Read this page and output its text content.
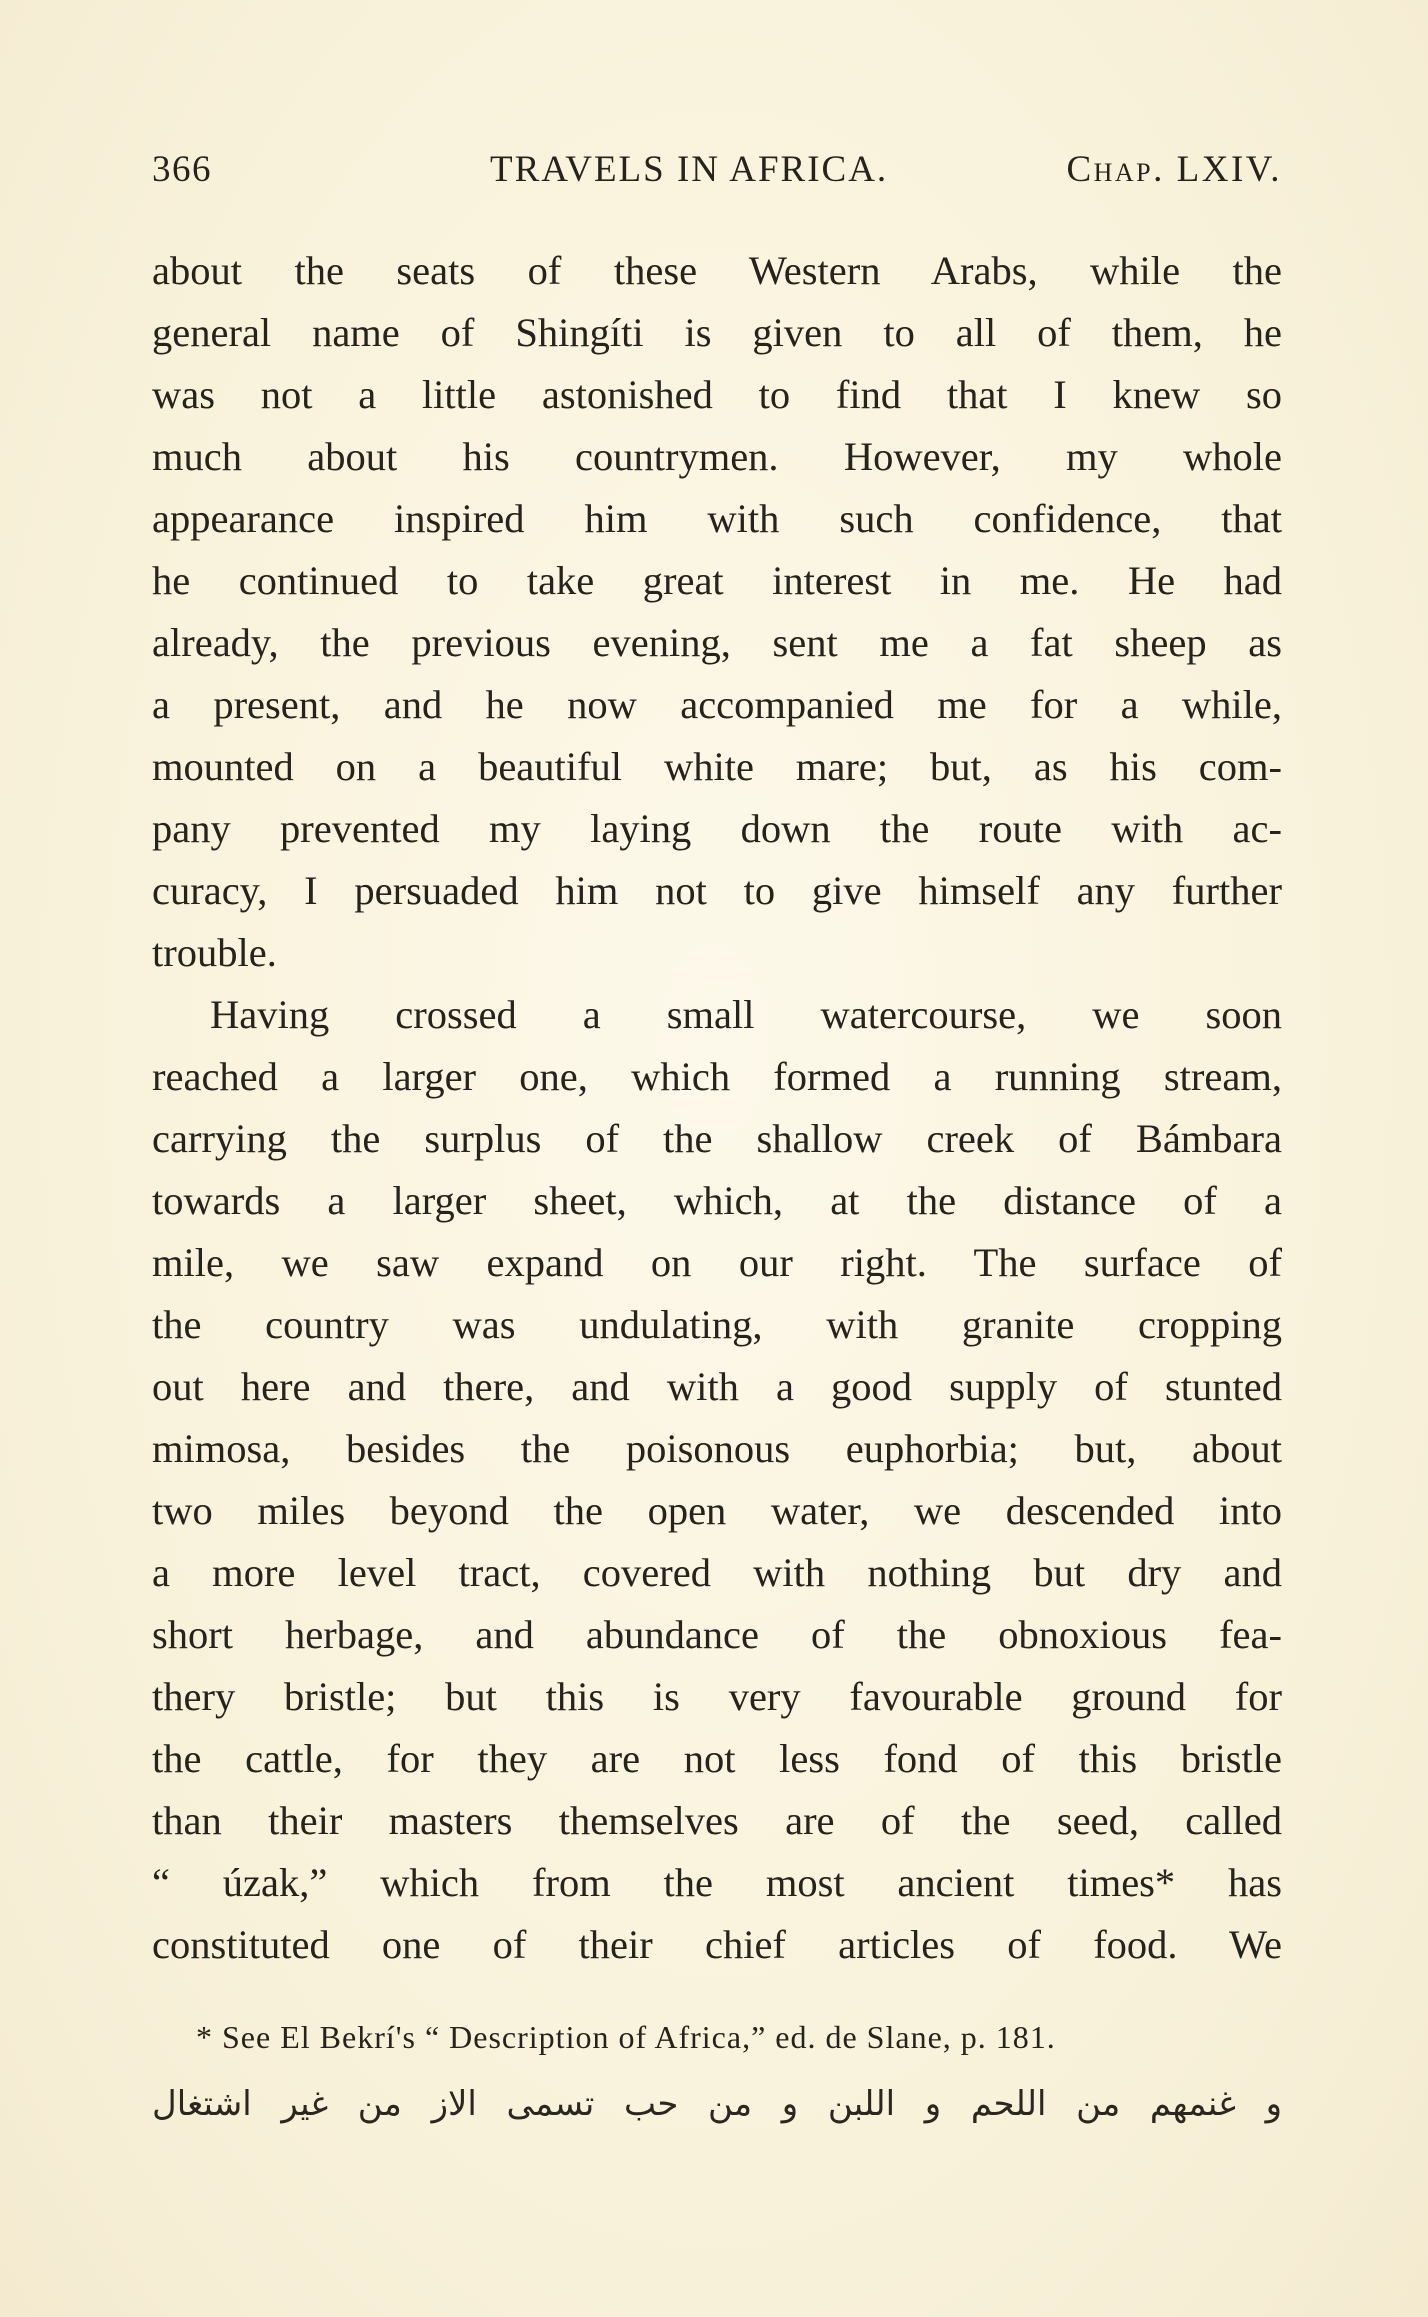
366	TRAVELS IN AFRICA.	Chap. LXIV.
about the seats of these Western Arabs, while the
general name of Shingíti is given to all of them, he
was not a little astonished to find that I knew so
much about his countrymen. However, my whole
appearance inspired him with such confidence, that
he continued to take great interest in me. He had
already, the previous evening, sent me a fat sheep as
a present, and he now accompanied me for a while,
mounted on a beautiful white mare; but, as his com-
pany prevented my laying down the route with ac-
curacy, I persuaded him not to give himself any further
trouble.
Having crossed a small watercourse, we soon
reached a larger one, which formed a running stream,
carrying the surplus of the shallow creek of Bámbara
towards a larger sheet, which, at the distance of a
mile, we saw expand on our right. The surface of
the country was undulating, with granite cropping
out here and there, and with a good supply of stunted
mimosa, besides the poisonous euphorbia; but, about
two miles beyond the open water, we descended into
a more level tract, covered with nothing but dry and
short herbage, and abundance of the obnoxious fea-
thery bristle; but this is very favourable ground for
the cattle, for they are not less fond of this bristle
than their masters themselves are of the seed, called
“ úzak,” which from the most ancient times* has
constituted one of their chief articles of food. We
* See El Bekrí's “ Description of Africa,” ed. de Slane, p. 181.
و غنمهم من اللحم و اللبن و من حب تسمى الاز من غير اشتغال
